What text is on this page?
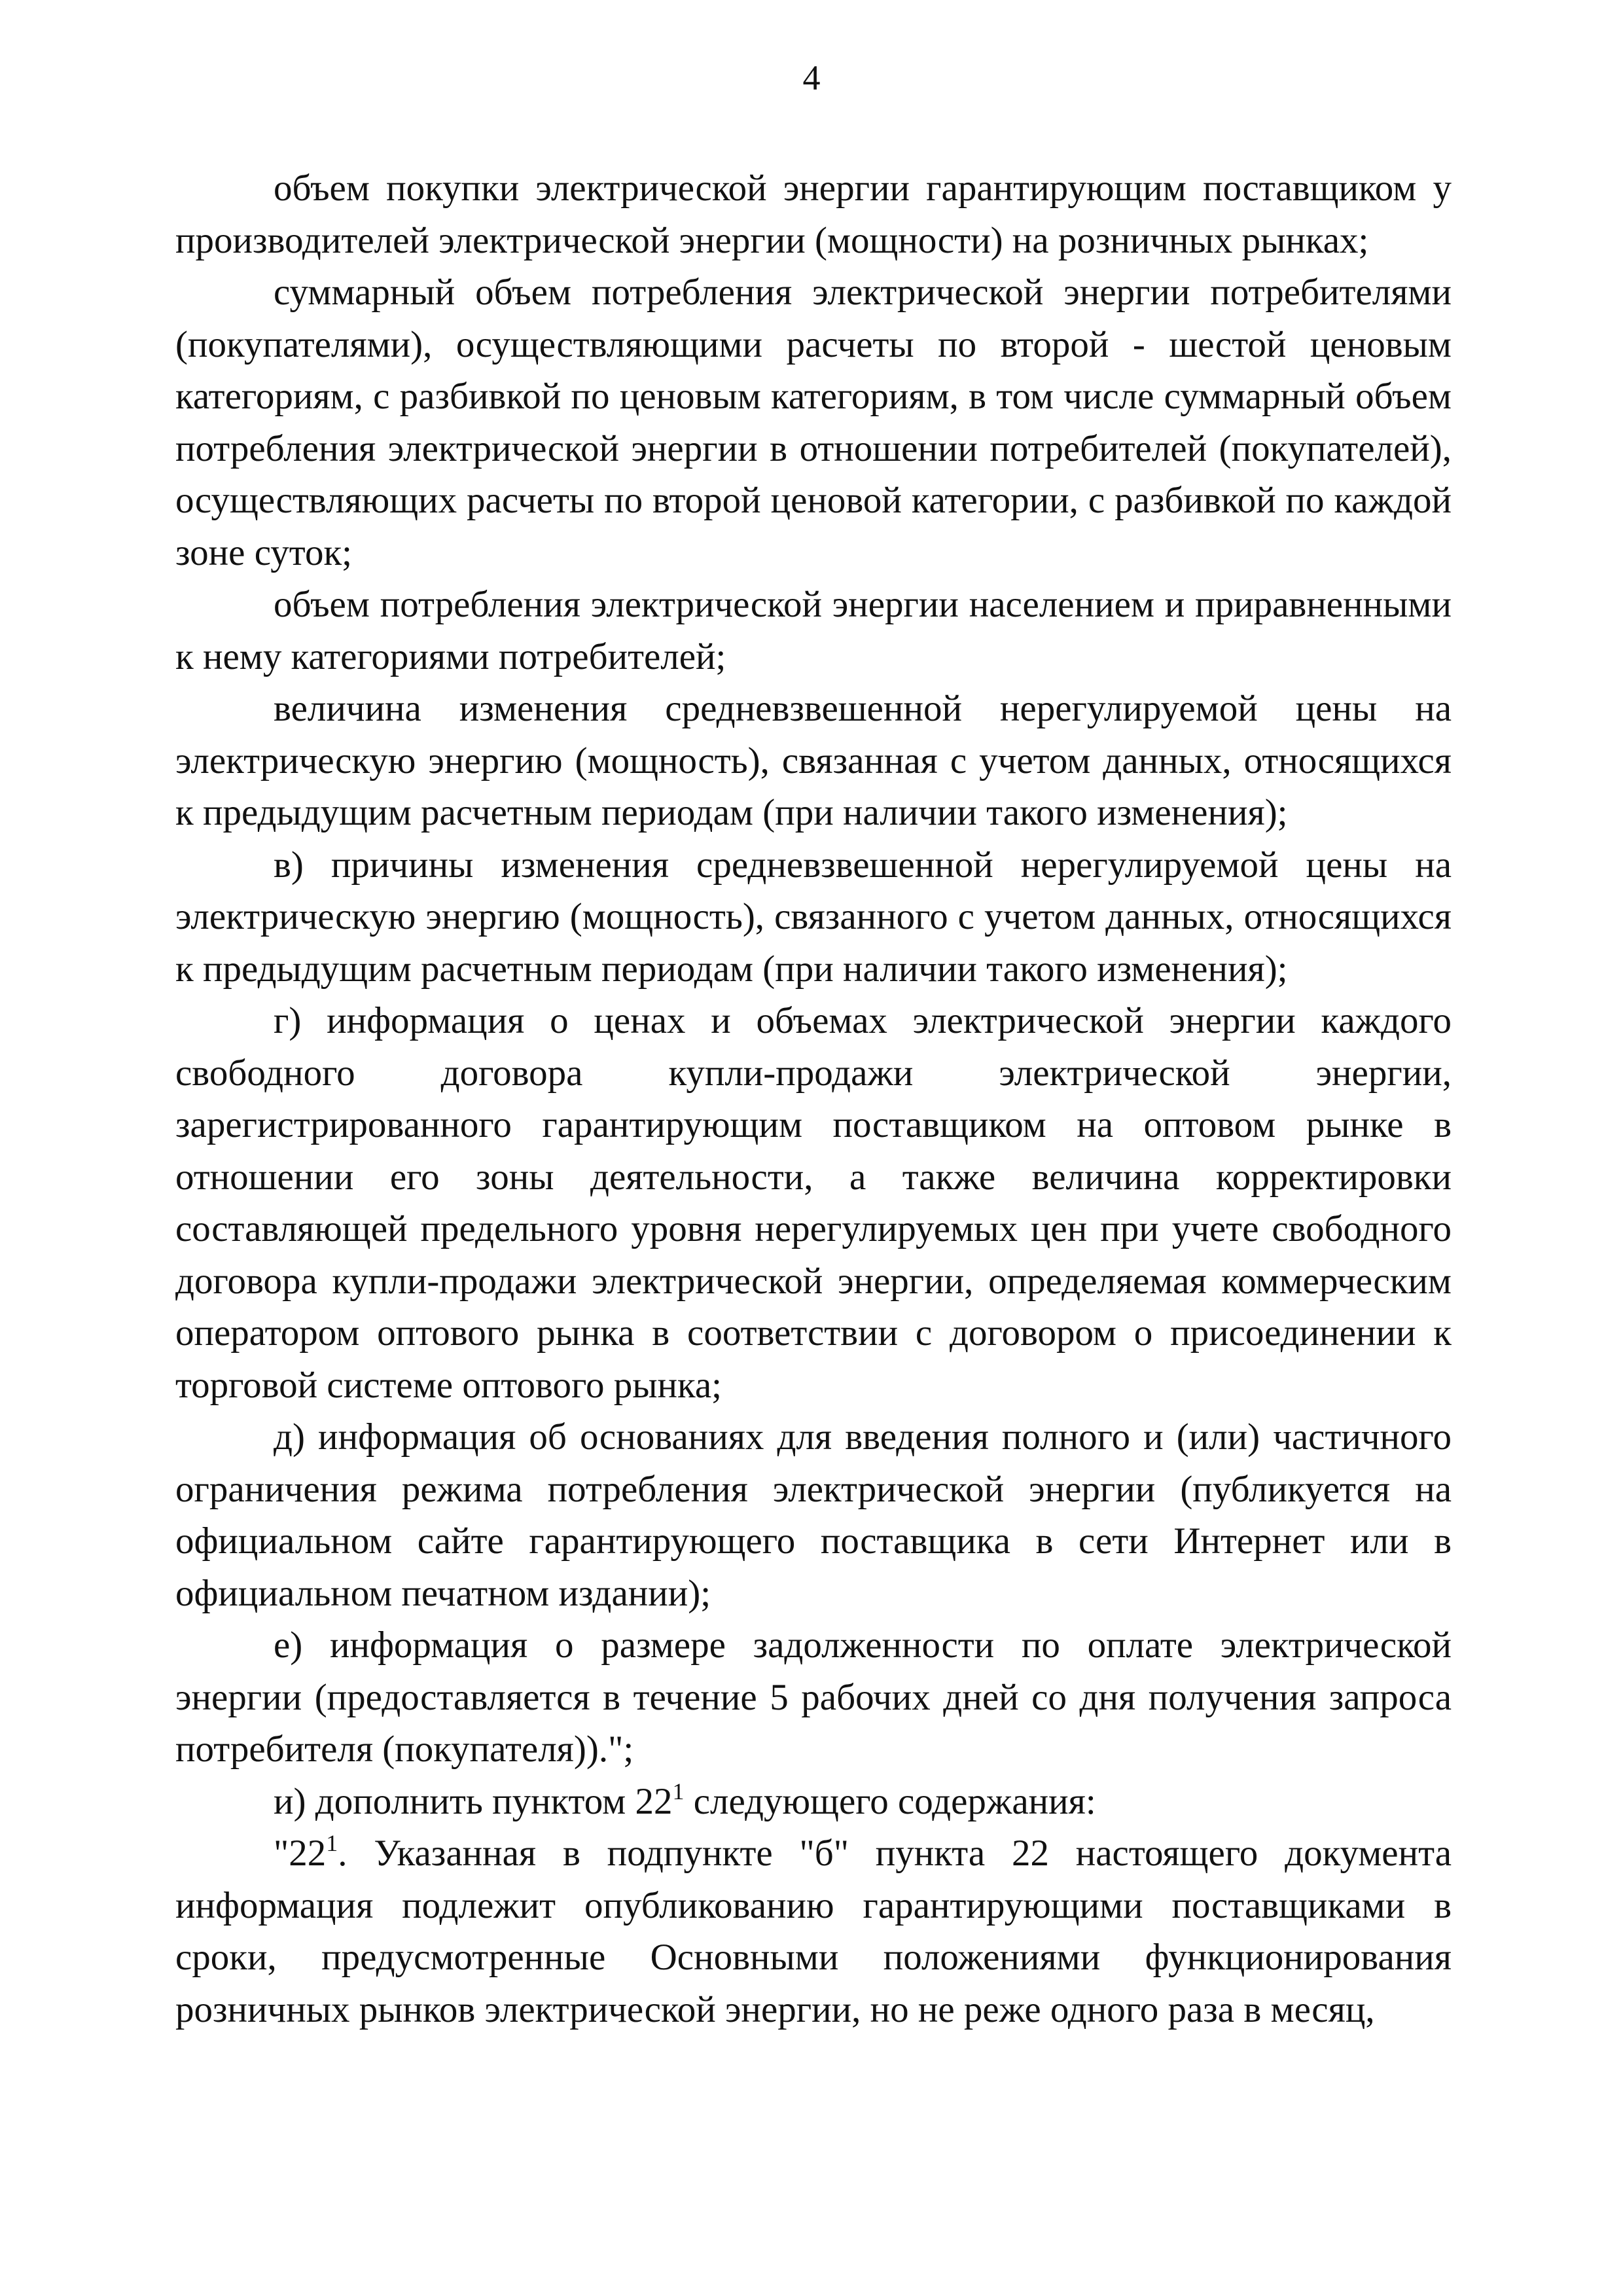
4

объем покупки электрической энергии гарантирующим поставщиком у производителей электрической энергии (мощности) на розничных рынках;

суммарный объем потребления электрической энергии потребителями (покупателями), осуществляющими расчеты по второй - шестой ценовым категориям, с разбивкой по ценовым категориям, в том числе суммарный объем потребления электрической энергии в отношении потребителей (покупателей), осуществляющих расчеты по второй ценовой категории, с разбивкой по каждой зоне суток;

объем потребления электрической энергии населением и приравненными к нему категориями потребителей;

величина изменения средневзвешенной нерегулируемой цены на электрическую энергию (мощность), связанная с учетом данных, относящихся к предыдущим расчетным периодам (при наличии такого изменения);

в) причины изменения средневзвешенной нерегулируемой цены на электрическую энергию (мощность), связанного с учетом данных, относящихся к предыдущим расчетным периодам (при наличии такого изменения);

г) информация о ценах и объемах электрической энергии каждого свободного договора купли-продажи электрической энергии, зарегистрированного гарантирующим поставщиком на оптовом рынке в отношении его зоны деятельности, а также величина корректировки составляющей предельного уровня нерегулируемых цен при учете свободного договора купли-продажи электрической энергии, определяемая коммерческим оператором оптового рынка в соответствии с договором о присоединении к торговой системе оптового рынка;

д) информация об основаниях для введения полного и (или) частичного ограничения режима потребления электрической энергии (публикуется на официальном сайте гарантирующего поставщика в сети Интернет или в официальном печатном издании);

е) информация о размере задолженности по оплате электрической энергии (предоставляется в течение 5 рабочих дней со дня получения запроса потребителя (покупателя)).";

и) дополнить пунктом $22^1$ следующего содержания:

"$22^1$. Указанная в подпункте "б" пункта 22 настоящего документа информация подлежит опубликованию гарантирующими поставщиками в сроки, предусмотренные Основными положениями функционирования розничных рынков электрической энергии, но не реже одного раза в месяц,
